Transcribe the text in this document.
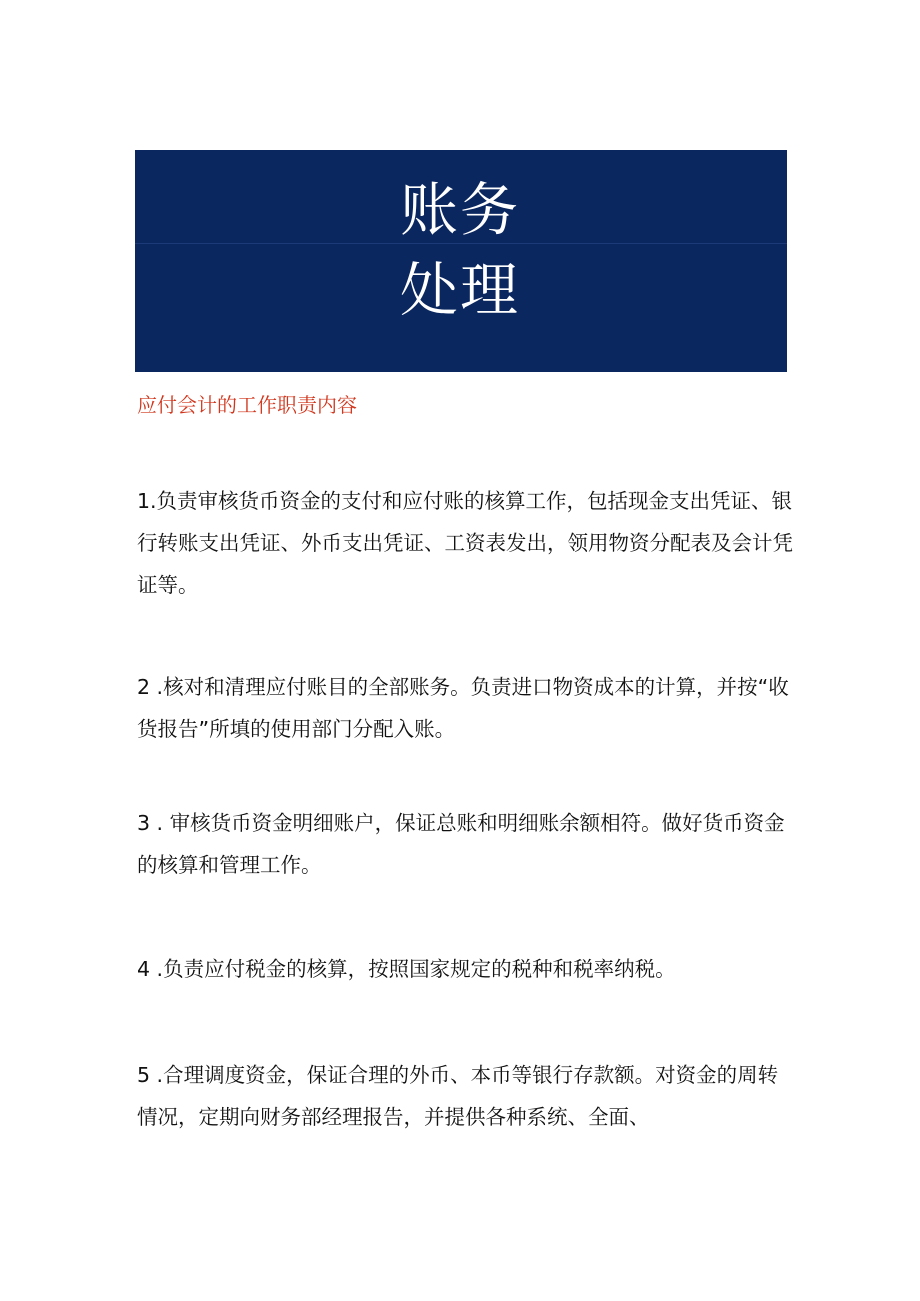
账务
处理
应付会计的工作职责内容

1.负责审核货币资金的支付和应付账的核算工作，包括现金支出凭证、银行转账支出凭证、外币支出凭证、工资表发出，领用物资分配表及会计凭证等。

2 .核对和清理应付账目的全部账务。负责进口物资成本的计算，并按“收货报告”所填的使用部门分配入账。

3 . 审核货币资金明细账户，保证总账和明细账余额相符。做好货币资金的核算和管理工作。

4 .负责应付税金的核算，按照国家规定的税种和税率纳税。

5 .合理调度资金，保证合理的外币、本币等银行存款额。对资金的周转情况，定期向财务部经理报告，并提供各种系统、全面、
